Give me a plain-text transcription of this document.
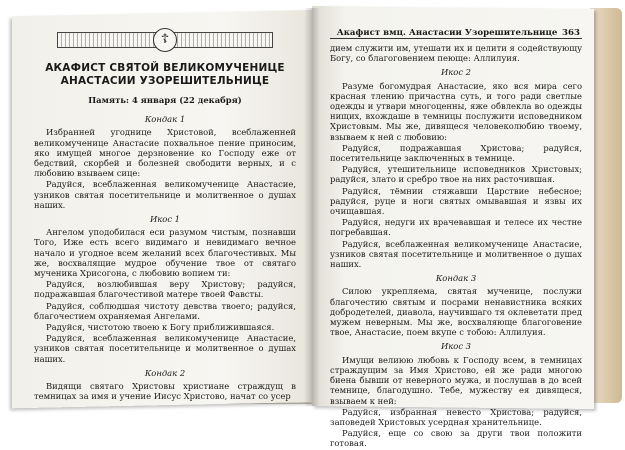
☦
АКАФИСТ СВЯТОЙ ВЕЛИКОМУЧЕНИЦЕ
АНАСТАСИИ УЗОРЕШИТЕЛЬНИЦЕ
Память: 4 января (22 декабря)
Кондак 1
Избранней угоднице Христовой, всеблаженней великомученице Анастасие похвальное пение приносим, яко имущей многое дерзновение ко Господу еже от бедствий, скорбей и болезней свободити верных, и с любовию взываем сице:
Радуйся, всеблаженная великомученице Анастасие, узников святая посетительнице и молитвенное о душах наших.
Икос 1
Ангелом уподобилася еси разумом чистым, познавши Того, Иже есть всего видимаго и невидимаго вечное начало и угодное всем желаний всех благочестивых. Мы же, восхвалящие мудрое обучение твое от святаго мученика Хрисогона, с любовию вопием ти:
Радуйся, возлюбившая веру Христову; радуйся, подражавшая благочестивой матере твоей Фавсты.
Радуйся, соблюдшая чистоту девства твоего; радуйся, благочестием охраняемая Ангелами.
Радуйся, чистотою твоею к Богу приближившаяся.
Радуйся, всеблаженная великомученице Анастасие, узников святая посетительнице и молитвенное о душах наших.
Кондак 2
Видящи святаго Христовы христиане страждущ в темницах за имя и учение Иисус Христово, начат со усер
Акафист вмц. Анастасии Узорешительнице 363
дием служити им, утешати их и целити я содействующу Богу, со благоговением пеюще: Аллилуия.
Икос 2
Разуме богомудрая Анастасие, яко вся мира сего красная тлению причастна суть, и того ради светлые одежды и утвари многоценны, яже обвлекла во одежды нищих, вхождаше в темницы послужити исповедником Христовым. Мы же, дивящеся человеколюбию твоему, взываем к ней с любовию:
Радуйся, подражавшая Христова; радуйся, посетительнице заключенных в темнице.
Радуйся, утешительнице исповедников Христовых; радуйся, злато и сребро твое на них расточившая.
Радуйся, тёмнии стяжавши Царствие небесное; радуйся, руце и ноги святых омывавшая и язвы их очищавшая.
Радуйся, недуги их врачевавшая и телесе их честне погребавшая.
Радуйся, всеблаженная великомученице Анастасие, узников святая посетительнице и молитвенное о душах наших.
Кондак 3
Силою укрепляема, святая мученице, послужи благочестию святым и посрами ненавистника всяких добродетелей, диавола, научившаго тя оклеветати пред мужем неверным. Мы же, восхваляюще благоговение твое, Анастасие, поем вкупе с тобою: Аллилуия.
Икос 3
Имущи велиюю любовь к Господу всем, в темницах страждущим за Имя Христово, ей же ради многою биена бывши от неверного мужа, и послушав в до всей темнице, благодушно. Тебе, мужеству ея дивящеся, взываем к ней:
Радуйся, избранная невесто Христова; радуйся, заповедей Христовых усердная хранительнице.
Радуйся, еще со свою за други твои положити готовая.
